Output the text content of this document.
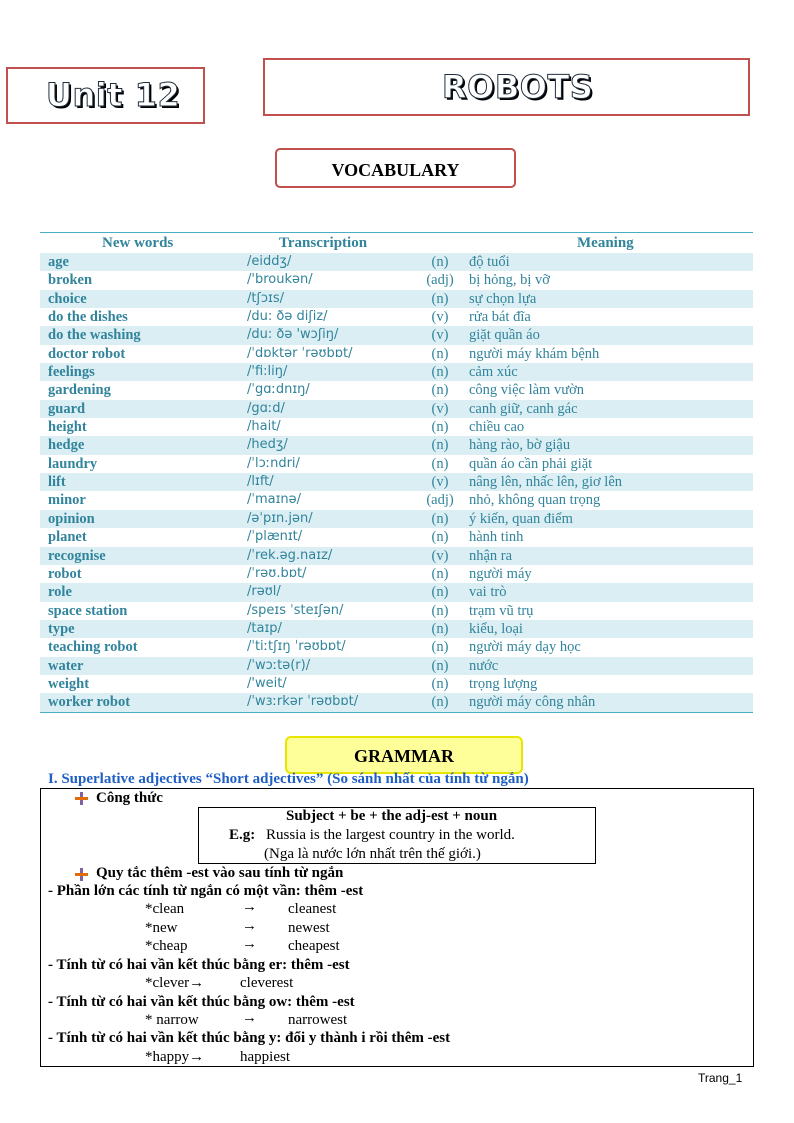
Unit 12	ROBOTS
VOCABULARY
New words	Transcription	Meaning
age	/eiddʒ/	(n)	độ tuổi
broken	/'broukən/	(adj) bị hỏng, bị vỡ
choice	/tʃɔɪs/	(n)	sự chọn lựa
do the dishes	/du: ðə diʃiz/	(v)	rửa bát đĩa
do the washing	/du: ðə 'wɔʃiŋ/	(v)	giặt quần áo
doctor robot	/ˈdɒktər ˈrəʊbɒt/	(n)	người máy khám bệnh
feelings	/'fi:liŋ/	(n)	cảm xúc
gardening	/ˈgɑːdnɪŋ/	(n)	công việc làm vườn
guard	/gɑːd/	(v)	canh giữ, canh gác
height	/hait/	(n)	chiều cao
hedge	/hedʒ/	(n)	hàng rào, bờ giậu
laundry	/ˈlɔːndri/	(n)	quần áo cần phải giặt
lift	/lɪft/	(v)	nâng lên, nhấc lên, giơ lên
minor	/ˈmaɪnə/	(adj) nhỏ, không quan trọng
opinion	/əˈpɪn.jən/	(n)	ý kiến, quan điểm
planet	/ˈplænɪt/	(n)	hành tinh
recognise	/ˈrek.əg.naɪz/	(v)	nhận ra
robot	/ˈrəʊ.bɒt/	(n)	người máy
role	/rəʊl/	(n)	vai trò
space station	/speɪs ˈsteɪʃən/	(n)	trạm vũ trụ
type	/taɪp/	(n)	kiểu, loại
teaching robot	/ˈtiːtʃɪŋ ˈrəʊbɒt/	(n)	người máy dạy học
water	/ˈwɔːtə(r)/	(n)	nước
weight	/'weit/	(n)	trọng lượng
worker robot	/ˈwɜːrkər ˈrəʊbɒt/	(n)	người máy công nhân
GRAMMAR
I. Superlative adjectives “Short adjectives” (So sánh nhất của tính từ ngắn)
Công thức
Subject + be + the adj-est + noun
E.g: Russia is the largest country in the world.
(Nga là nước lớn nhất trên thế giới.)
Quy tắc thêm -est vào sau tính từ ngắn
- Phần lớn các tính từ ngắn có một vần: thêm -est
*clean	→ cleanest
*new	→ newest
*cheap	→ cheapest
- Tính từ có hai vần kết thúc bằng er: thêm -est
*clever→ cleverest
- Tính từ có hai vần kết thúc bằng ow: thêm -est
* narrow	→ narrowest
- Tính từ có hai vần kết thúc bằng y: đổi y thành i rồi thêm -est
*happy→ happiest
Trang_1
